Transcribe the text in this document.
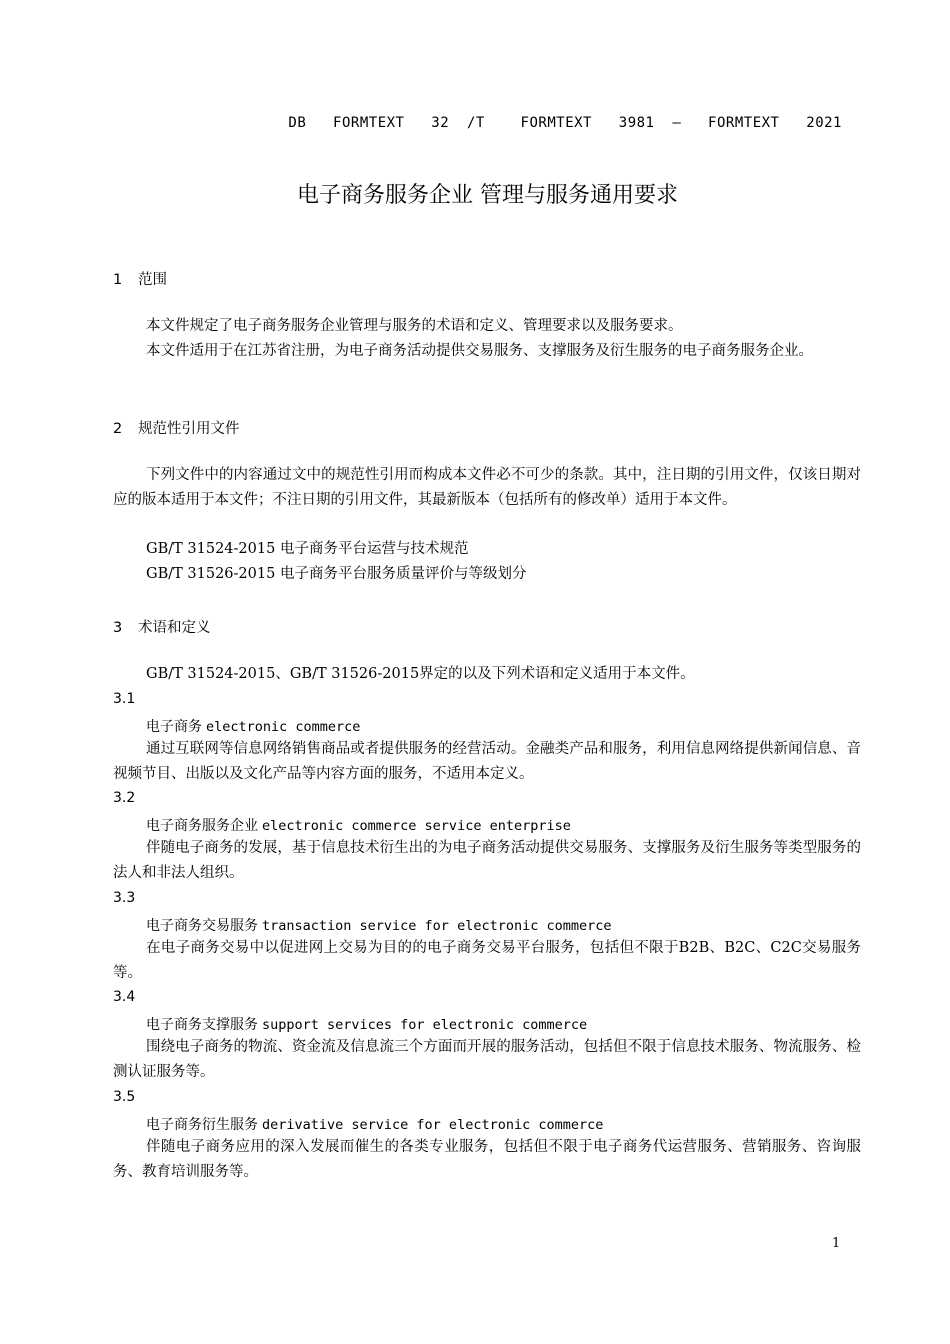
DB   FORMTEXT   32  /T    FORMTEXT   3981  —   FORMTEXT   2021
电子商务服务企业 管理与服务通用要求
1 范围
本文件规定了电子商务服务企业管理与服务的术语和定义、管理要求以及服务要求。
本文件适用于在江苏省注册，为电子商务活动提供交易服务、支撑服务及衍生服务的电子商务服务企业。
2 规范性引用文件
下列文件中的内容通过文中的规范性引用而构成本文件必不可少的条款。其中，注日期的引用文件，仅该日期对应的版本适用于本文件；不注日期的引用文件，其最新版本（包括所有的修改单）适用于本文件。
GB/T 31524-2015 电子商务平台运营与技术规范
GB/T 31526-2015 电子商务平台服务质量评价与等级划分
3 术语和定义
GB/T 31524-2015、GB/T 31526-2015界定的以及下列术语和定义适用于本文件。
3.1
电子商务 electronic commerce
通过互联网等信息网络销售商品或者提供服务的经营活动。金融类产品和服务，利用信息网络提供新闻信息、音视频节目、出版以及文化产品等内容方面的服务，不适用本定义。
3.2
电子商务服务企业 electronic commerce service enterprise
伴随电子商务的发展，基于信息技术衍生出的为电子商务活动提供交易服务、支撑服务及衍生服务等类型服务的法人和非法人组织。
3.3
电子商务交易服务 transaction service for electronic commerce
在电子商务交易中以促进网上交易为目的的电子商务交易平台服务，包括但不限于B2B、B2C、C2C交易服务等。
3.4
电子商务支撑服务 support services for electronic commerce
围绕电子商务的物流、资金流及信息流三个方面而开展的服务活动，包括但不限于信息技术服务、物流服务、检测认证服务等。
3.5
电子商务衍生服务 derivative service for electronic commerce
伴随电子商务应用的深入发展而催生的各类专业服务，包括但不限于电子商务代运营服务、营销服务、咨询服务、教育培训服务等。
1
